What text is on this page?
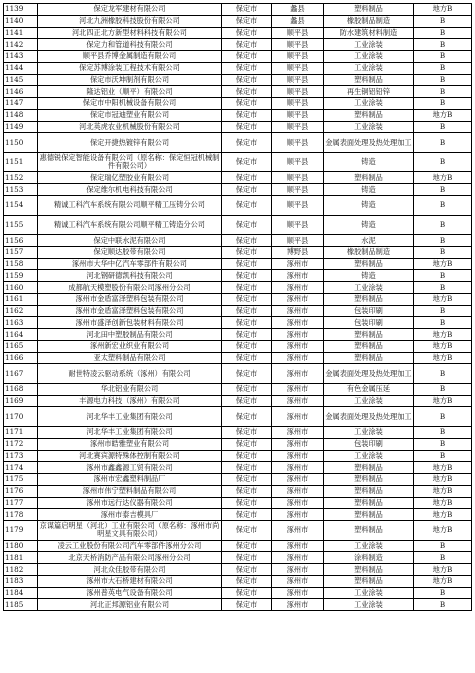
1139	保定龙军建材有限公司	保定市	蠡县	塑料制品	地方B
1140	河北九洲橡胶科技股份有限公司	保定市	蠡县	橡胶制品制造	B
1141	河北四正北方新型材料科技有限公司	保定市	顺平县	防水建筑材料制造	B
1142	保定力和管道科技有限公司	保定市	顺平县	工业涂装	B
1143	顺平县乔博金属制造有限公司	保定市	顺平县	工业涂装	B
1144	保定苏博涂装工程技术有限公司	保定市	顺平县	工业涂装	B
1145	保定市沃坤制剂有限公司	保定市	顺平县	塑料制品	B
1146	隆达铝业（顺平）有限公司	保定市	顺平县	再生铜铝铅锌	B
1147	保定市中阳机械设备有限公司	保定市	顺平县	工业涂装	B
1148	保定市冠迪塑业有限公司	保定市	顺平县	塑料制品	地方B
1149	河北英虎农业机械股份有限公司	保定市	顺平县	工业涂装	B
1150	保定开捷热镀锌有限公司	保定市	顺平县	金属表面处理及热处理加工	B
1151	惠德锐保定智能设备有限公司（原名称：保定恒冠机械制件有限公司）	保定市	顺平县	铸造	B
1152	保定瑞亿塑胶业有限公司	保定市	顺平县	塑料制品	地方B
1153	保定维尔机电科技有限公司	保定市	顺平县	铸造	B
1154	精诚工科汽车系统有限公司顺平精工压铸分公司	保定市	顺平县	铸造	B
1155	精诚工科汽车系统有限公司顺平精工铸造分公司	保定市	顺平县	铸造	B
1156	保定中联水泥有限公司	保定市	顺平县	水泥	B
1157	保定顺达胶带有限公司	保定市	博野县	橡胶制品制造	B
1158	涿州市大华中亿汽车零部件有限公司	保定市	涿州市	塑料制品	地方B
1159	河北钢研德凯科技有限公司	保定市	涿州市	铸造	B
1160	成都航天模塑股份有限公司涿州分公司	保定市	涿州市	工业涂装	B
1161	涿州市金盾富泽塑料包装有限公司	保定市	涿州市	塑料制品	地方B
1162	涿州市金盾富泽塑料包装有限公司	保定市	涿州市	包装印刷	B
1163	涿州市盛泽创新包装材料有限公司	保定市	涿州市	包装印刷	B
1164	河北田中塑胶制品有限公司	保定市	涿州市	塑料制品	地方B
1165	涿州新宏业织业有限公司	保定市	涿州市	塑料制品	地方B
1166	亚太塑料制品有限公司	保定市	涿州市	塑料制品	地方B
1167	耐世特凌云驱动系统（涿州）有限公司	保定市	涿州市	金属表面处理及热处理加工	B
1168	华北铝业有限公司	保定市	涿州市	有色金属压延	B
1169	丰源电力科技（涿州）有限公司	保定市	涿州市	工业涂装	地方B
1170	河北华丰工业集团有限公司	保定市	涿州市	金属表面处理及热处理加工	B
1171	河北华丰工业集团有限公司	保定市	涿州市	工业涂装	B
1172	涿州市皓雅塑业有限公司	保定市	涿州市	包装印刷	B
1173	河北赛宾源特殊体控制有限公司	保定市	涿州市	工业涂装	B
1174	涿州市鑫鑫源工贸有限公司	保定市	涿州市	塑料制品	地方B
1175	涿州市宏鑫塑料制品厂	保定市	涿州市	塑料制品	地方B
1176	涿州市伟宁塑料制品有限公司	保定市	涿州市	塑料制品	地方B
1177	涿州市远行达仪器有限公司	保定市	涿州市	塑料制品	地方B
1178	涿州市泰吉模具厂	保定市	涿州市	塑料制品	地方B
1179	京谋篇启明星（河北）工业有限公司（原名称：涿州市尚明星文具有限公司）	保定市	涿州市	塑料制品	地方B
1180	凌云工业股份有限公司汽车零部件涿州分公司	保定市	涿州市	工业涂装	B
1181	北京天桥消防产品有限公司涿州分公司	保定市	涿州市	涂料制造	B
1182	河北众佳胶带有限公司	保定市	涿州市	塑料制品	地方B
1183	涿州市大石桥建材有限公司	保定市	涿州市	塑料制品	地方B
1184	涿州普英电气设备有限公司	保定市	涿州市	工业涂装	B
1185	河北正邦源铝业有限公司	保定市	涿州市	工业涂装	B
